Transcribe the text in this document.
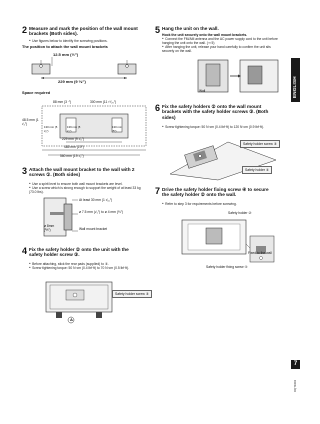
ENGLISH
7
RQT9493
2 Measure and mark the position of the wall mount brackets (Both sides).
● Use figures below to identify the screwing positions.
The position to attach the wall mount brackets
12.5 mm (½″)
229 mm (9 ¹⁄₈″)
Space required
88 mm (3 ·″)	300 mm (11 ¹⁸⁄₂₀″)
48.5 mm (1 ¹⁄₂″)
130 mm (5 ¹⁄₈″)
139 mm (5 ¹⁄₄″)
130 mm (5″)
229 mm (9 ¹⁄₈″)
485 mm (19″)
560 mm (19 ¹⁄₂″)
3 Attach the wall mount bracket to the wall with 2 screws ①. (Both sides)
● Use a spirit level to ensure both wall mount brackets are level.
● Use a screw which is strong enough to support the weight of at least 33 kg (73.0 lbs).
At least 30 mm (1 ³⁄₁₆″)
ø 7.5 mm (¹⁄₅″) to ø 4 mm (⅓″)
ø 8mm (⅖″)	Wall mount bracket
4 Fix the safety holder ② onto the unit with the safety holder screw ③.
● Before attaching, stick the rear pads (supplied) to ②.
● Screw tightening torque: 50 N·cm (0.4 lbf·ft) to 70 N·cm (0.5 lbf·ft).
Safety holder screw ③
A
5 Hang the unit on the wall.
Hook the unit securely onto the wall mount brackets.
● Connect the FM/AM antenna and the AC power supply cord to the unit before hanging the unit onto the wall. (⇒ 5)
● After hanging the unit, release your hand carefully to confirm the unit sits securely on the wall.
Wall
6 Fix the safety holders ② onto the wall mount brackets with the safety holder screws ③. (Both sides)
● Screw tightening torque: 50 N·cm (0.4 lbf·ft) to 120 N·cm (0.9 lbf·ft).
Safety holder screw ③
Safety holder ②
7 Drive the safety holder fixing screw ④ to secure the safety holder ② onto the wall.
● Refer to step 3 for requirements before screwing.
Safety holder ②
Fixed to the wall
Safety holder fixing screw ④
